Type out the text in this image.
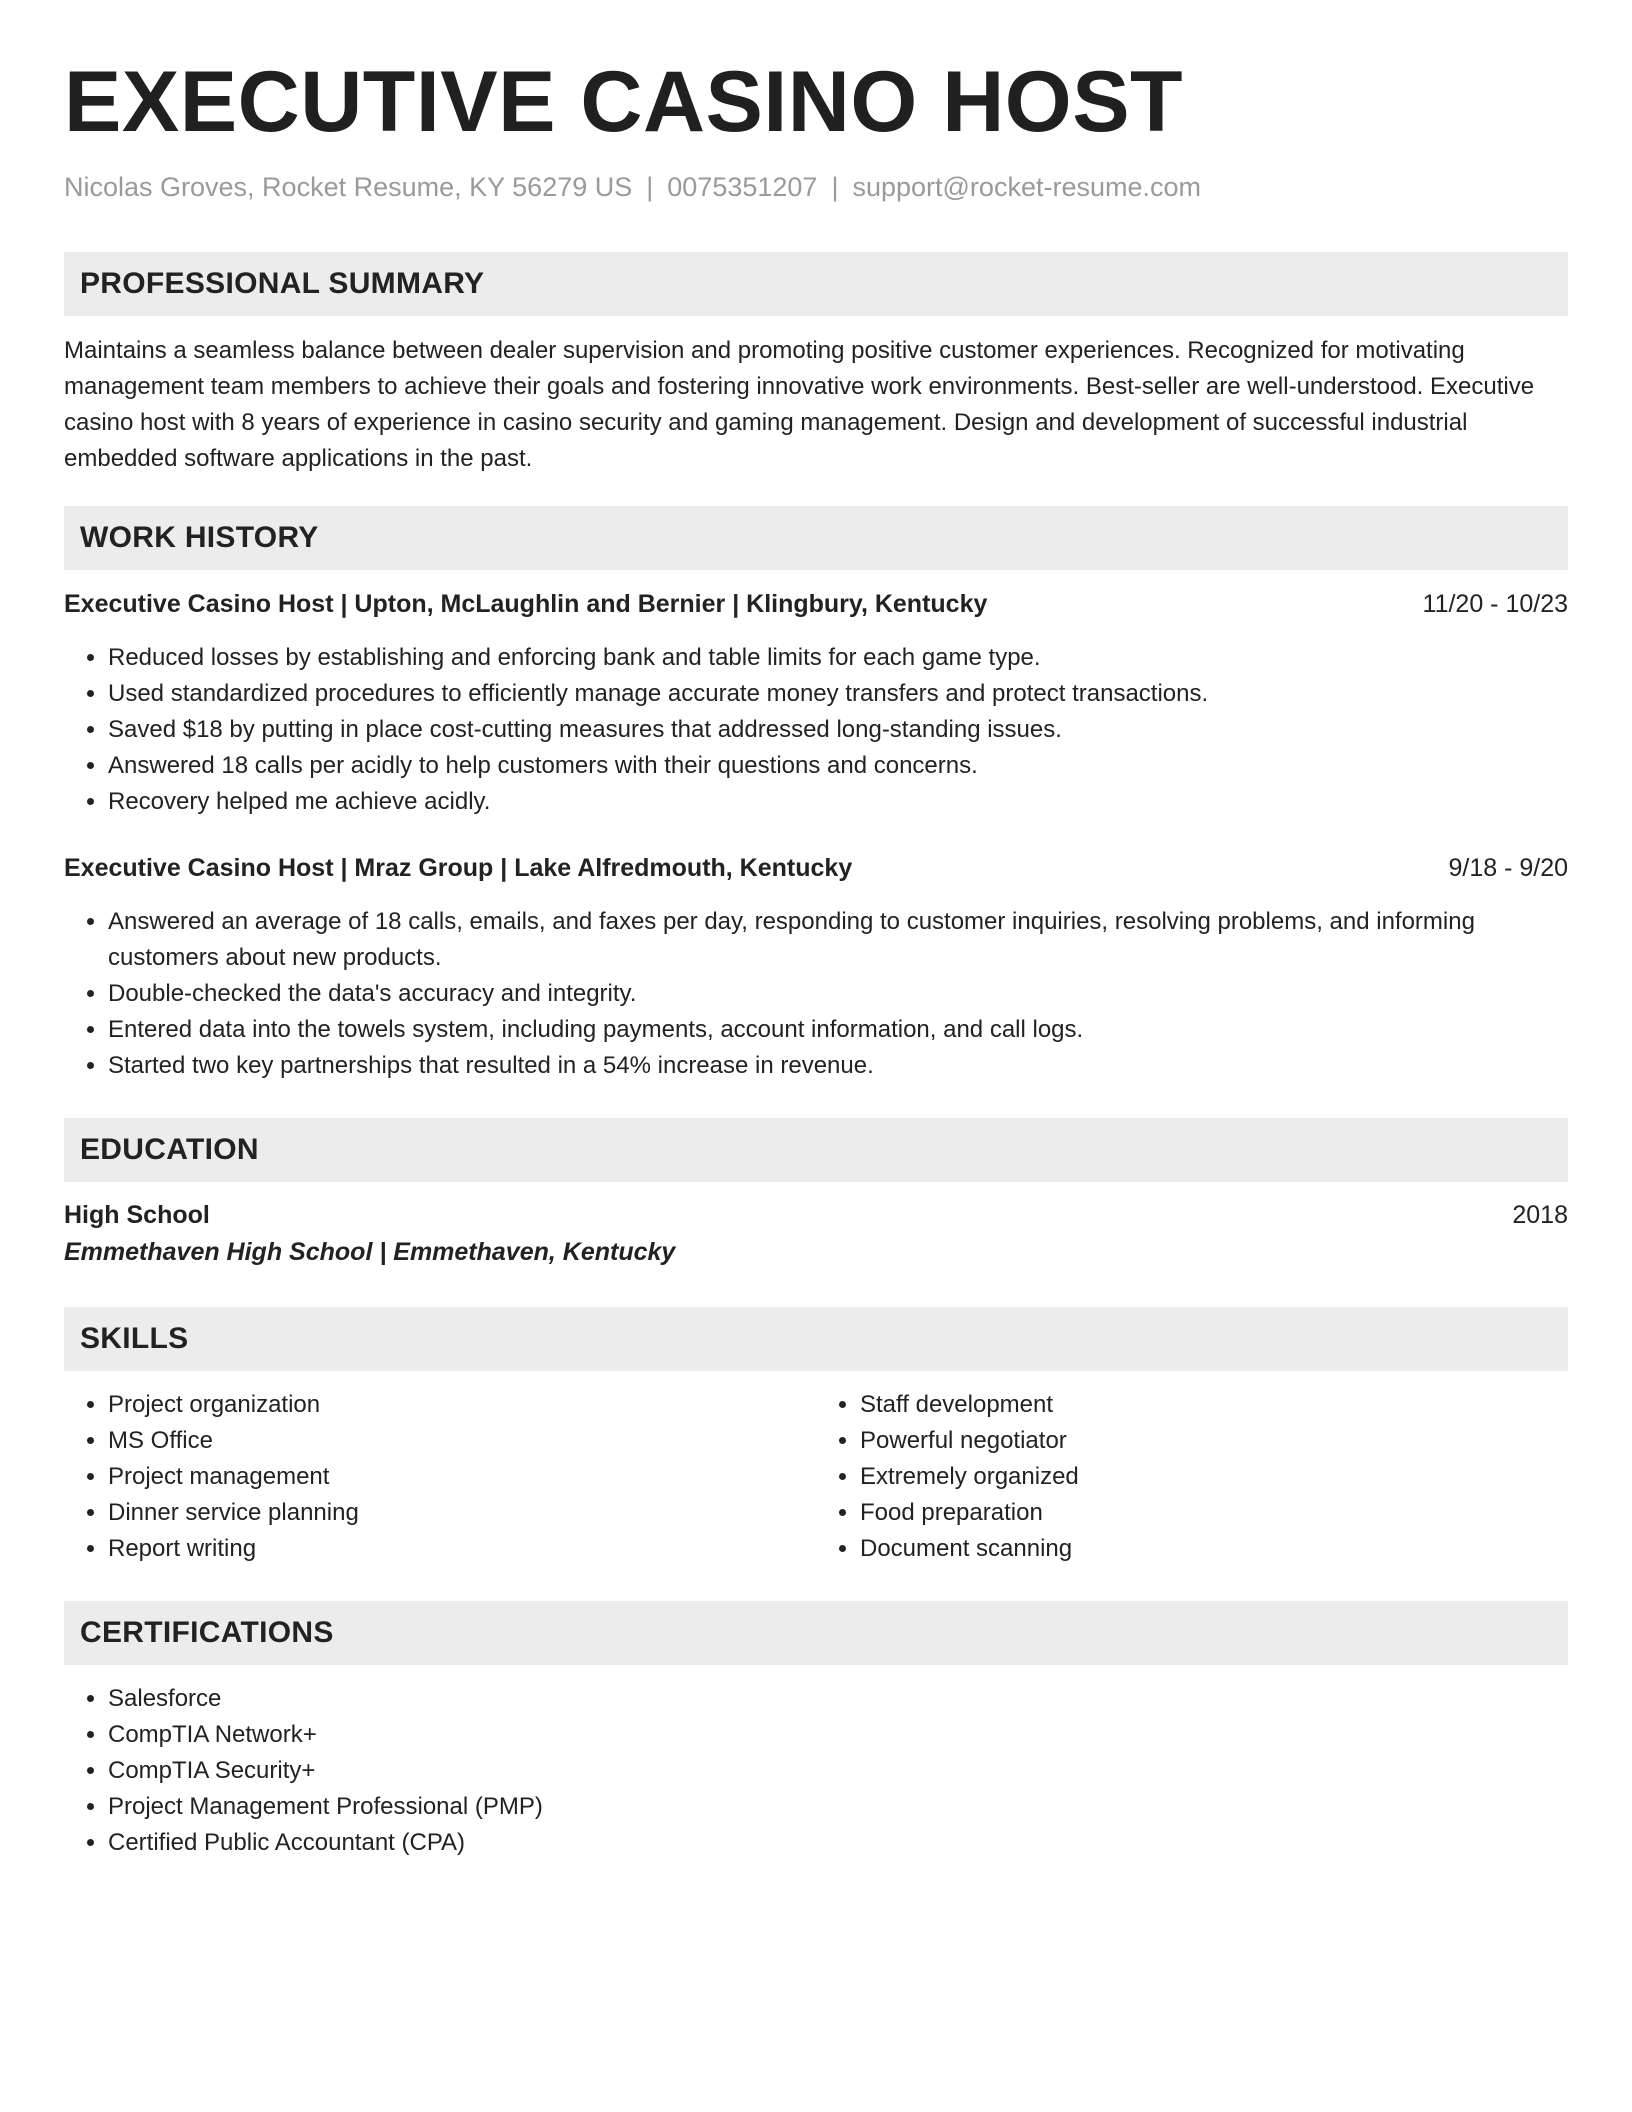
EXECUTIVE CASINO HOST
Nicolas Groves, Rocket Resume, KY 56279 US | 0075351207 | support@rocket-resume.com
PROFESSIONAL SUMMARY

Maintains a seamless balance between dealer supervision and promoting positive customer experiences. Recognized for motivating management team members to achieve their goals and fostering innovative work environments. Best-seller are well-understood. Executive casino host with 8 years of experience in casino security and gaming management. Design and development of successful industrial embedded software applications in the past.

WORK HISTORY
Executive Casino Host | Upton, McLaughlin and Bernier | Klingbury, Kentucky	11/20 - 10/23
• Reduced losses by establishing and enforcing bank and table limits for each game type.
• Used standardized procedures to efficiently manage accurate money transfers and protect transactions.
• Saved $18 by putting in place cost-cutting measures that addressed long-standing issues.
• Answered 18 calls per acidly to help customers with their questions and concerns.
• Recovery helped me achieve acidly.
Executive Casino Host | Mraz Group | Lake Alfredmouth, Kentucky	9/18 - 9/20
• Answered an average of 18 calls, emails, and faxes per day, responding to customer inquiries, resolving problems, and informing customers about new products.
• Double-checked the data's accuracy and integrity.
• Entered data into the towels system, including payments, account information, and call logs.
• Started two key partnerships that resulted in a 54% increase in revenue.
EDUCATION
High School	2018
Emmethaven High School | Emmethaven, Kentucky
SKILLS
• Project organization
• MS Office
• Project management
• Dinner service planning
• Report writing
• Staff development
• Powerful negotiator
• Extremely organized
• Food preparation
• Document scanning
CERTIFICATIONS
• Salesforce
• CompTIA Network+
• CompTIA Security+
• Project Management Professional (PMP)
• Certified Public Accountant (CPA)
